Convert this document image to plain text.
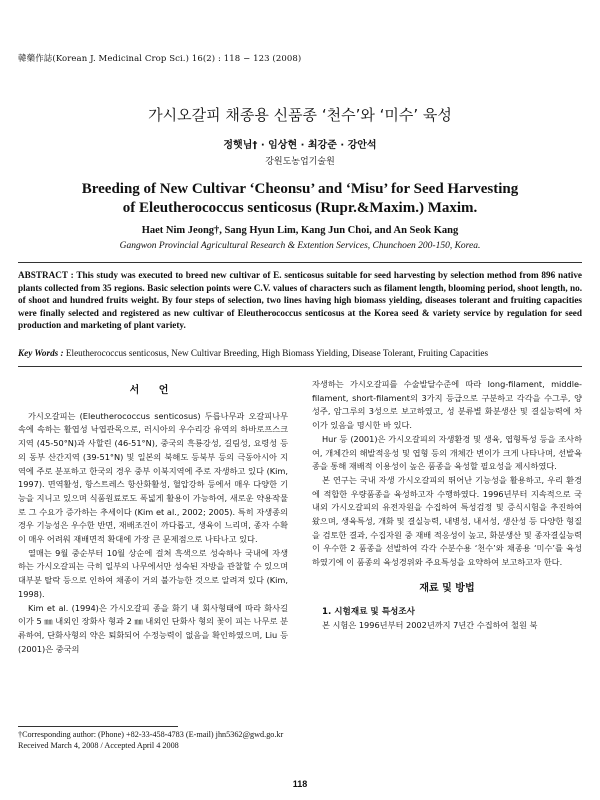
韓藥作誌(Korean J. Medicinal Crop Sci.) 16(2) : 118 − 123 (2008)
가시오갈피 채종용 신품종 ‘천수’와 ‘미수’ 육성
정햇님† · 임상현 · 최강준 · 강안석
강원도농업기술원
Breeding of New Cultivar ‘Cheonsu’ and ‘Misu’ for Seed Harvesting
of Eleutherococcus senticosus (Rupr.&Maxim.) Maxim.
Haet Nim Jeong†, Sang Hyun Lim, Kang Jun Choi, and An Seok Kang
Gangwon Provincial Agricultural Research & Extention Services, Chunchoen 200-150, Korea.
ABSTRACT : This study was executed to breed new cultivar of E. senticosus suitable for seed harvesting by selection method from 896 native plants collected from 35 regions. Basic selection points were C.V. values of characters such as filament length, blooming period, shoot length, no. of shoot and hundred fruits weight. By four steps of selection, two lines having high biomass yielding, diseases tolerant and fruiting capacities were finally selected and registered as new cultivar of Eleutherococcus senticosus at the Korea seed & variety service by regulation for seed production and marketing of plant variety.
Key Words : Eleutherococcus senticosus, New Cultivar Breeding, High Biomass Yielding, Disease Tolerant, Fruiting Capacities
서 언

가시오갈피는 (Eleutherococcus senticosus) 두릅나무과 오갈피나무속에 속하는 활엽성 낙엽관목으로, 러시아의 우수리강 유역의 하바로프스크 지역 (45-50°N)과 사할린 (46-51°N), 중국의 흑룡강성, 길림성, 요령성 등의 동부 산간지역 (39-51°N) 및 일본의 북해도 등북부 등의 극동아시아 지역에 주로 분포하고 한국의 경우 중부 이북지역에 주로 자생하고 있다 (Kim, 1997). 면역활성, 항스트레스 항산화활성, 혈압강하 등에서 매우 다양한 기능을 지니고 있으며 식품원료로도 폭넓게 활용이 가능하여, 새로운 약용작물로 그 수요가 증가하는 추세이다 (Kim et al., 2002; 2005). 특히 자생종의 경우 기능성은 우수한 반면, 재배조건이 까다롭고, 생육이 느리며, 종자 수확이 매우 어려워 재배면적 확대에 가장 큰 문제점으로 나타나고 있다.

열매는 9월 중순부터 10월 상순에 걸쳐 흑색으로 성숙하나 국내에 자생하는 가시오갈피는 극히 일부의 나무에서만 성숙된 자방을 관찰할 수 있으며 대부분 탈락 등으로 인하여 채종이 거의 불가능한 것으로 알려져 있다 (Kim, 1998).

Kim et al. (1994)은 가시오갈피 종을 화기 내 회사형태에 따라 화사길이가 5 ㎜ 내외인 장화사 형과 2 ㎜ 내외인 단화사 형의 꽃이 피는 나무로 분류하여, 단화사형의 약은 퇴화되어 수정능력이 없음을 확인하였으며, Liu 등 (2001)은 중국의

자생하는 가시오갈피를 수술발달수준에 따라 long-filament, middle-filament, short-filament의 3가지 등급으로 구분하고 각각을 수그루, 양성주, 암그루의 3성으로 보고하였고, 성 분류별 화분생산 및 결실능력에 차이가 있음을 명시한 바 있다.

Hur 등 (2001)은 가시오갈피의 자생환경 및 생육, 엽형특성 등을 조사하여, 개체간의 해발적응성 및 엽형 등의 개체간 변이가 크게 나타나며, 선발육종을 통해 재배적 이용성이 높은 품종을 육성할 필요성을 제시하였다.

본 연구는 국내 자생 가시오갈피의 뛰어난 기능성을 활용하고, 우리 환경에 적합한 우량품종을 육성하고자 수행하였다. 1996년부터 지속적으로 국내외 가시오갈피의 유전자원을 수집하여 특성검정 및 증식시험을 추진하여 왔으며, 생육특성, 개화 및 결실능력, 내병성, 내서성, 생산성 등 다양한 형질을 검토한 결과, 수집자원 중 재배 적응성이 높고, 화분생산 및 종자결실능력이 우수한 2 품종을 선발하여 각각 수분수용 ‘천수’와 채종용 ‘미수’를 육성하였기에 이 품종의 육성경위와 주요특성을 요약하여 보고하고자 한다.

재료 및 방법

1. 시험재료 및 특성조사

본 시험은 1996년부터 2002년까지 7년간 수집하여 철원 북

†Corresponding author: (Phone) +82-33-458-4783 (E-mail) jhn5362@gwd.go.kr
Received March 4, 2008 / Accepted April 4 2008
118
